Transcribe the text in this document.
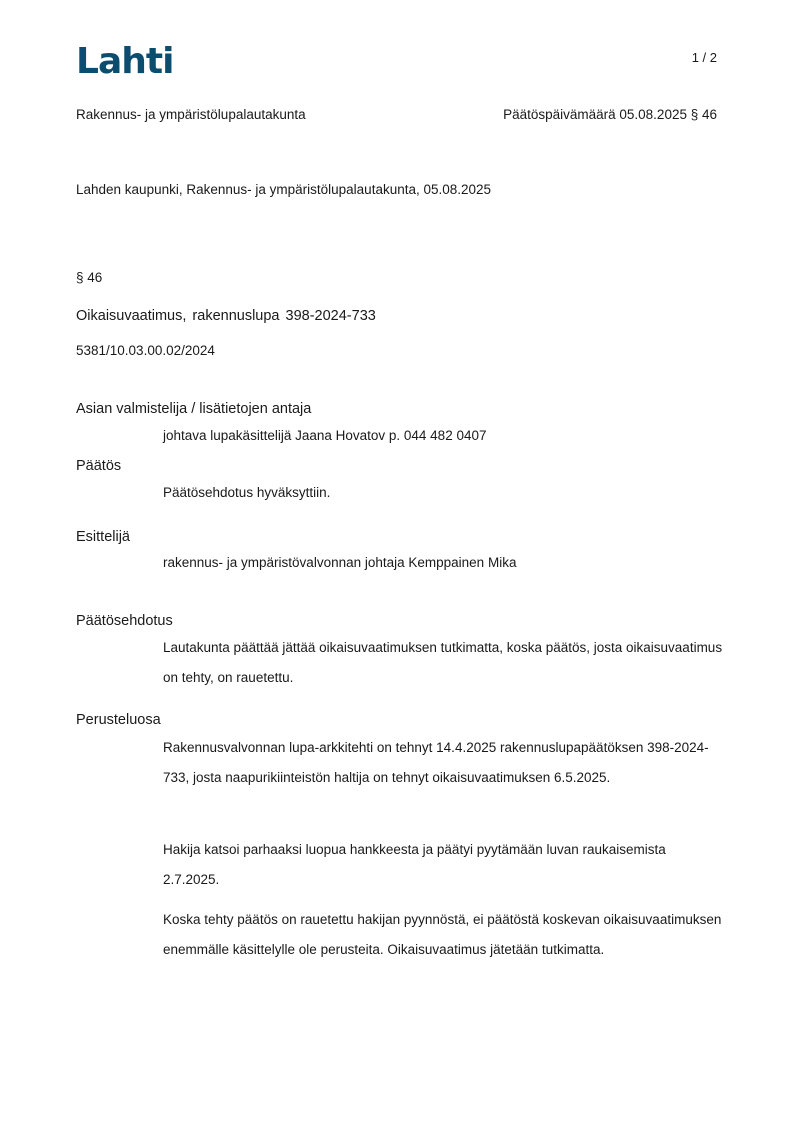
Lahti	1 / 2
Rakennus- ja ympäristölupalautakunta	Päätöspäivämäärä 05.08.2025 § 46
Lahden kaupunki, Rakennus- ja ympäristölupalautakunta, 05.08.2025
§ 46
Oikaisuvaatimus, rakennuslupa 398-2024-733
5381/10.03.00.02/2024
Asian valmistelija / lisätietojen antaja
johtava lupakäsittelijä Jaana Hovatov p. 044 482 0407
Päätös
Päätösehdotus hyväksyttiin.
Esittelijä
rakennus- ja ympäristövalvonnan johtaja Kemppainen Mika
Päätösehdotus
Lautakunta päättää jättää oikaisuvaatimuksen tutkimatta, koska päätös, josta oikaisuvaatimus on tehty, on rauetettu.
Perusteluosa
Rakennusvalvonnan lupa-arkkitehti on tehnyt 14.4.2025 rakennuslupapäätöksen 398-2024-733, josta naapurikiinteistön haltija on tehnyt oikaisuvaatimuksen 6.5.2025.
Hakija katsoi parhaaksi luopua hankkeesta ja päätyi pyytämään luvan raukaisemista 2.7.2025.
Koska tehty päätös on rauetettu hakijan pyynnöstä, ei päätöstä koskevan oikaisuvaatimuksen enemmälle käsittelylle ole perusteita. Oikaisuvaatimus jätetään tutkimatta.
